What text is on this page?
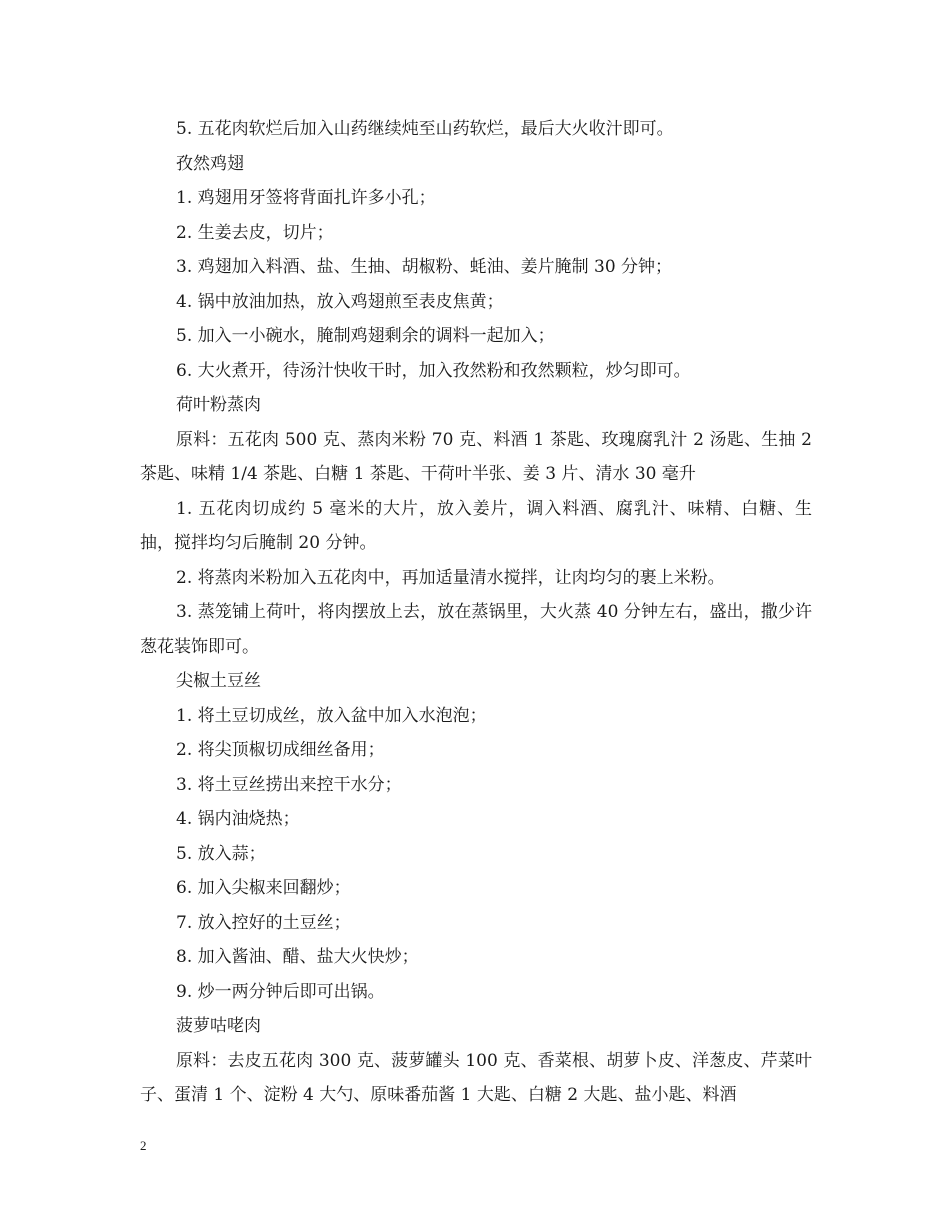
5. 五花肉软烂后加入山药继续炖至山药软烂，最后大火收汁即可。

孜然鸡翅

1. 鸡翅用牙签将背面扎许多小孔；

2. 生姜去皮，切片；

3. 鸡翅加入料酒、盐、生抽、胡椒粉、蚝油、姜片腌制 30 分钟；

4. 锅中放油加热，放入鸡翅煎至表皮焦黄；

5. 加入一小碗水，腌制鸡翅剩余的调料一起加入；

6. 大火煮开，待汤汁快收干时，加入孜然粉和孜然颗粒，炒匀即可。

荷叶粉蒸肉

原料：五花肉 500 克、蒸肉米粉 70 克、料酒 1 茶匙、玫瑰腐乳汁 2 汤匙、生抽 2 茶匙、味精 1/4 茶匙、白糖 1 茶匙、干荷叶半张、姜 3 片、清水 30 毫升

1. 五花肉切成约 5 毫米的大片，放入姜片，调入料酒、腐乳汁、味精、白糖、生抽，搅拌均匀后腌制 20 分钟。

2. 将蒸肉米粉加入五花肉中，再加适量清水搅拌，让肉均匀的裹上米粉。

3. 蒸笼铺上荷叶，将肉摆放上去，放在蒸锅里，大火蒸 40 分钟左右，盛出，撒少许葱花装饰即可。

尖椒土豆丝

1. 将土豆切成丝，放入盆中加入水泡泡；

2. 将尖顶椒切成细丝备用；

3. 将土豆丝捞出来控干水分；

4. 锅内油烧热；

5. 放入蒜；

6. 加入尖椒来回翻炒；

7. 放入控好的土豆丝；

8. 加入酱油、醋、盐大火快炒；

9. 炒一两分钟后即可出锅。

菠萝咕咾肉

原料：去皮五花肉 300 克、菠萝罐头 100 克、香菜根、胡萝卜皮、洋葱皮、芹菜叶子、蛋清 1 个、淀粉 4 大勺、原味番茄酱 1 大匙、白糖 2 大匙、盐小匙、料酒

2
